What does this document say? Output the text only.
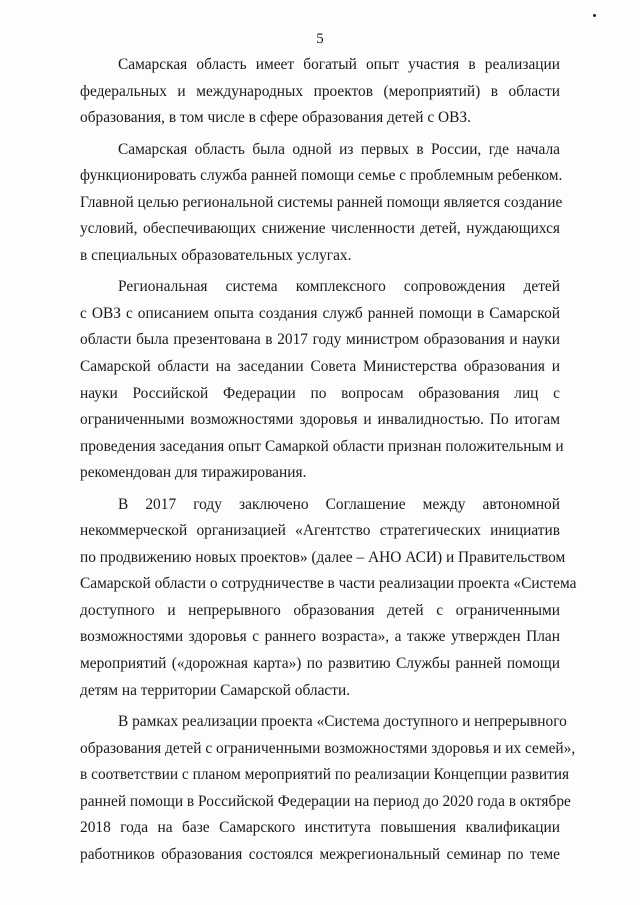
5
Самарская область имеет богатый опыт участия в реализации
федеральных и международных проектов (мероприятий) в области
образования, в том числе в сфере образования детей с ОВЗ.
Самарская область была одной из первых в России, где начала
функционировать служба ранней помощи семье с проблемным ребенком.
Главной целью региональной системы ранней помощи является создание
условий, обеспечивающих снижение численности детей, нуждающихся
в специальных образовательных услугах.
Региональная система комплексного сопровождения детей
с ОВЗ с описанием опыта создания служб ранней помощи в Самарской
области была презентована в 2017 году министром образования и науки
Самарской области на заседании Совета Министерства образования и
науки Российской Федерации по вопросам образования лиц с
ограниченными возможностями здоровья и инвалидностью. По итогам
проведения заседания опыт Самаркой области признан положительным и
рекомендован для тиражирования.
В 2017 году заключено Соглашение между автономной
некоммерческой организацией «Агентство стратегических инициатив
по продвижению новых проектов» (далее – АНО АСИ) и Правительством
Самарской области о сотрудничестве в части реализации проекта «Система
доступного и непрерывного образования детей с ограниченными
возможностями здоровья с раннего возраста», а также утвержден План
мероприятий («дорожная карта») по развитию Службы ранней помощи
детям на территории Самарской области.
В рамках реализации проекта «Система доступного и непрерывного
образования детей с ограниченными возможностями здоровья и их семей»,
в соответствии с планом мероприятий по реализации Концепции развития
ранней помощи в Российской Федерации на период до 2020 года в октябре
2018 года на базе Самарского института повышения квалификации
работников образования состоялся межрегиональный семинар по теме
